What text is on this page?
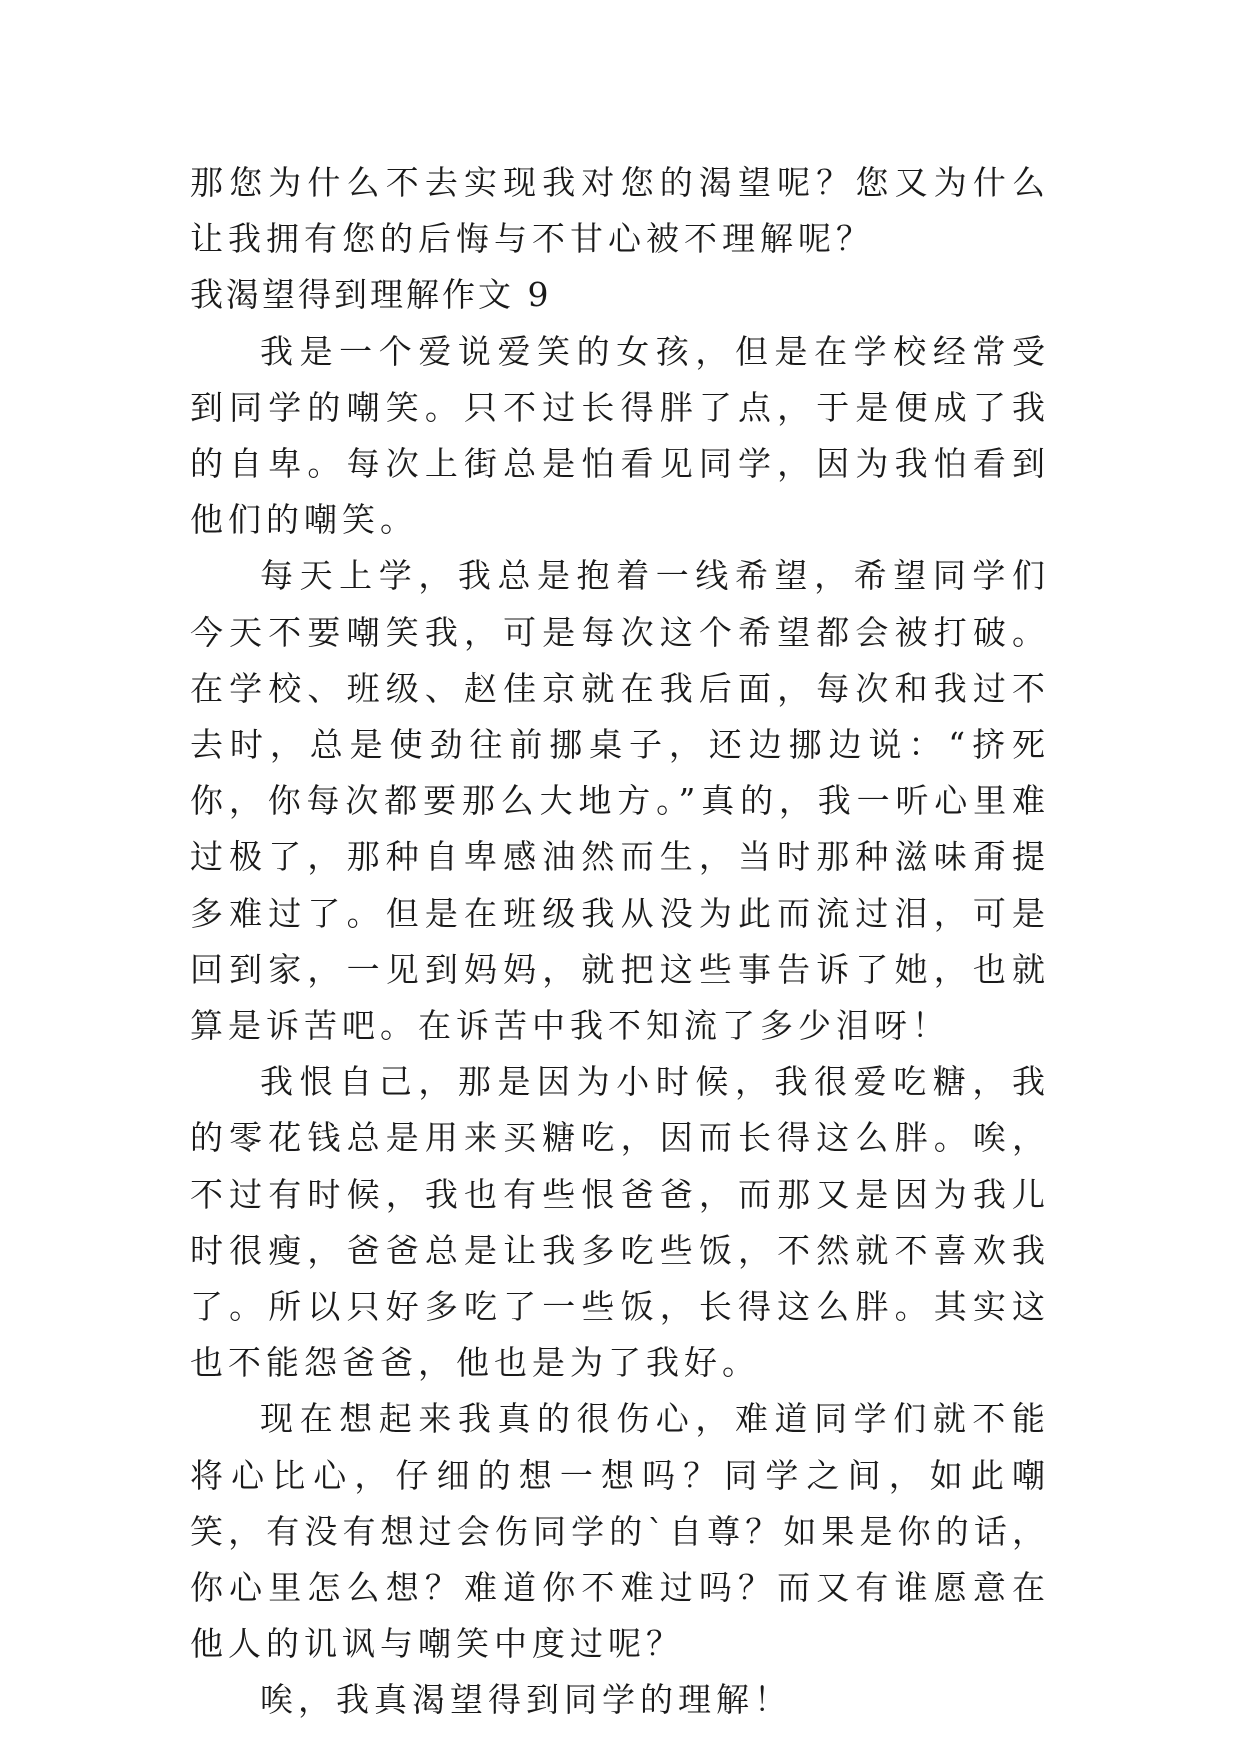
那您为什么不去实现我对您的渴望呢？您又为什么让我拥有您的后悔与不甘心被不理解呢？

我渴望得到理解作文 9

我是一个爱说爱笑的女孩，但是在学校经常受到同学的嘲笑。只不过长得胖了点，于是便成了我的自卑。每次上街总是怕看见同学，因为我怕看到他们的嘲笑。

每天上学，我总是抱着一线希望，希望同学们今天不要嘲笑我，可是每次这个希望都会被打破。在学校、班级、赵佳京就在我后面，每次和我过不去时，总是使劲往前挪桌子，还边挪边说：“挤死你，你每次都要那么大地方。”真的，我一听心里难过极了，那种自卑感油然而生，当时那种滋味甭提多难过了。但是在班级我从没为此而流过泪，可是回到家，一见到妈妈，就把这些事告诉了她，也就算是诉苦吧。在诉苦中我不知流了多少泪呀！

我恨自己，那是因为小时候，我很爱吃糖，我的零花钱总是用来买糖吃，因而长得这么胖。唉，不过有时候，我也有些恨爸爸，而那又是因为我儿时很瘦，爸爸总是让我多吃些饭，不然就不喜欢我了。所以只好多吃了一些饭，长得这么胖。其实这也不能怨爸爸，他也是为了我好。

现在想起来我真的很伤心，难道同学们就不能将心比心，仔细的想一想吗？同学之间，如此嘲笑，有没有想过会伤同学的`自尊？如果是你的话，你心里怎么想？难道你不难过吗？而又有谁愿意在他人的讥讽与嘲笑中度过呢？

唉，我真渴望得到同学的理解！
